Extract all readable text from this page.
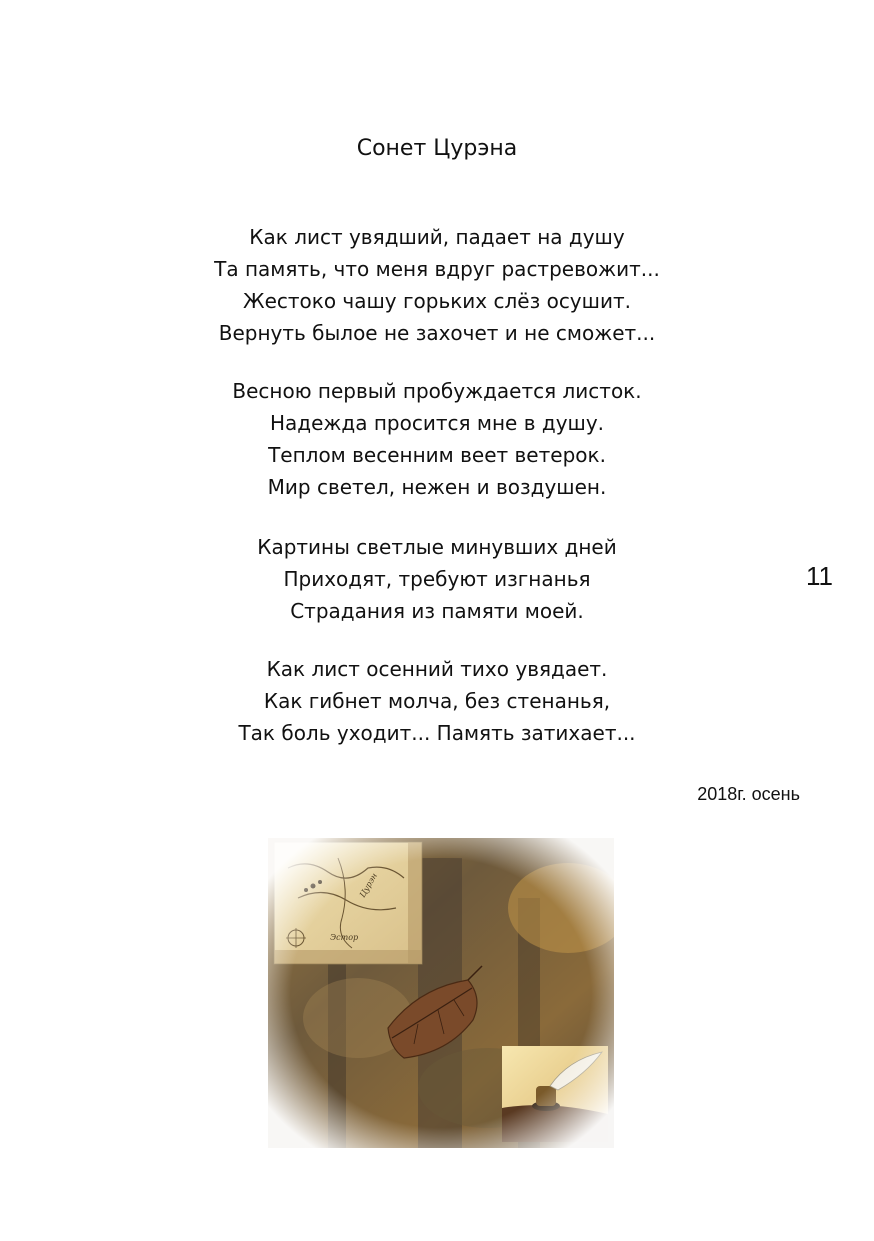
Сонет Цурэна
Как лист увядший, падает на душу
Та память, что меня вдруг растревожит...
Жестоко чашу горьких слёз осушит.
Вернуть былое не захочет и не сможет...
Весною первый пробуждается листок.
Надежда просится мне в душу.
Теплом весенним веет ветерок.
Мир светел, нежен и воздушен.
Картины светлые минувших дней
Приходят, требуют изгнанья
Страдания из памяти моей.
Как лист осенний тихо увядает.
Как гибнет молча, без стенанья,
Так боль уходит... Память затихает...
11
2018г. осень
